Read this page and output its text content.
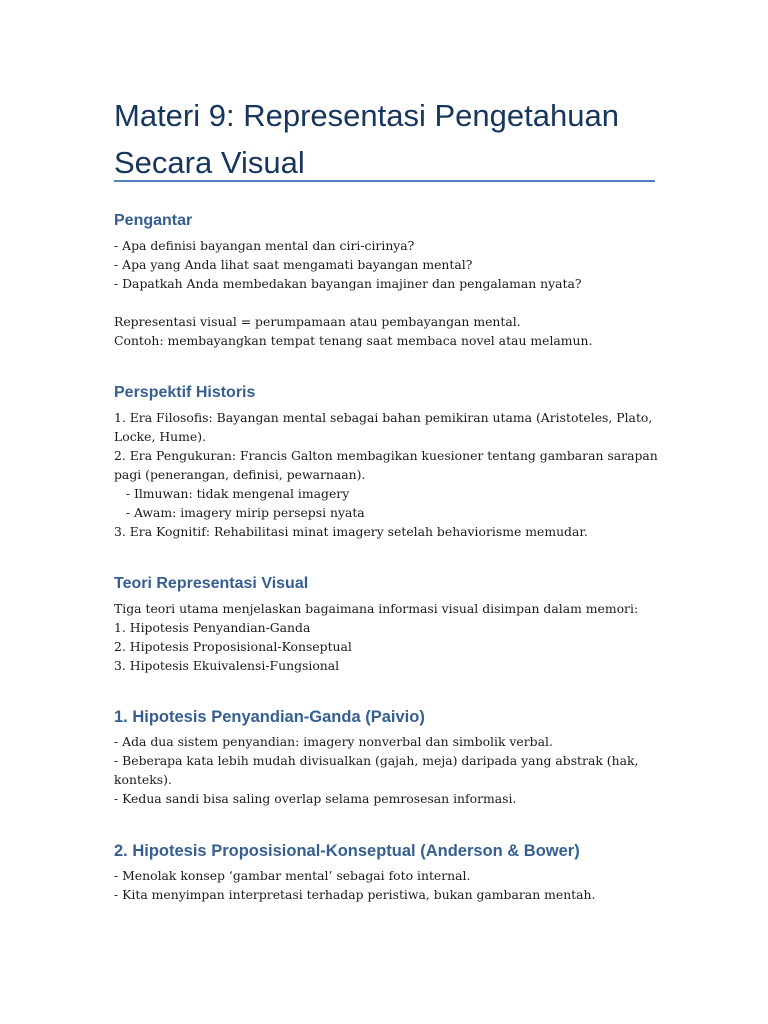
Materi 9: Representasi Pengetahuan Secara Visual
Pengantar

- Apa definisi bayangan mental dan ciri-cirinya?

- Apa yang Anda lihat saat mengamati bayangan mental?

- Dapatkah Anda membedakan bayangan imajiner dan pengalaman nyata?

Representasi visual = perumpamaan atau pembayangan mental.

Contoh: membayangkan tempat tenang saat membaca novel atau melamun.

Perspektif Historis

1. Era Filosofis: Bayangan mental sebagai bahan pemikiran utama (Aristoteles, Plato, Locke, Hume).

2. Era Pengukuran: Francis Galton membagikan kuesioner tentang gambaran sarapan pagi (penerangan, definisi, pewarnaan).

- Ilmuwan: tidak mengenal imagery

- Awam: imagery mirip persepsi nyata

3. Era Kognitif: Rehabilitasi minat imagery setelah behaviorisme memudar.

Teori Representasi Visual

Tiga teori utama menjelaskan bagaimana informasi visual disimpan dalam memori:

1. Hipotesis Penyandian-Ganda

2. Hipotesis Proposisional-Konseptual

3. Hipotesis Ekuivalensi-Fungsional

1. Hipotesis Penyandian-Ganda (Paivio)

- Ada dua sistem penyandian: imagery nonverbal dan simbolik verbal.

- Beberapa kata lebih mudah divisualkan (gajah, meja) daripada yang abstrak (hak, konteks).

- Kedua sandi bisa saling overlap selama pemrosesan informasi.

2. Hipotesis Proposisional-Konseptual (Anderson & Bower)

- Menolak konsep ‘gambar mental’ sebagai foto internal.

- Kita menyimpan interpretasi terhadap peristiwa, bukan gambaran mentah.
